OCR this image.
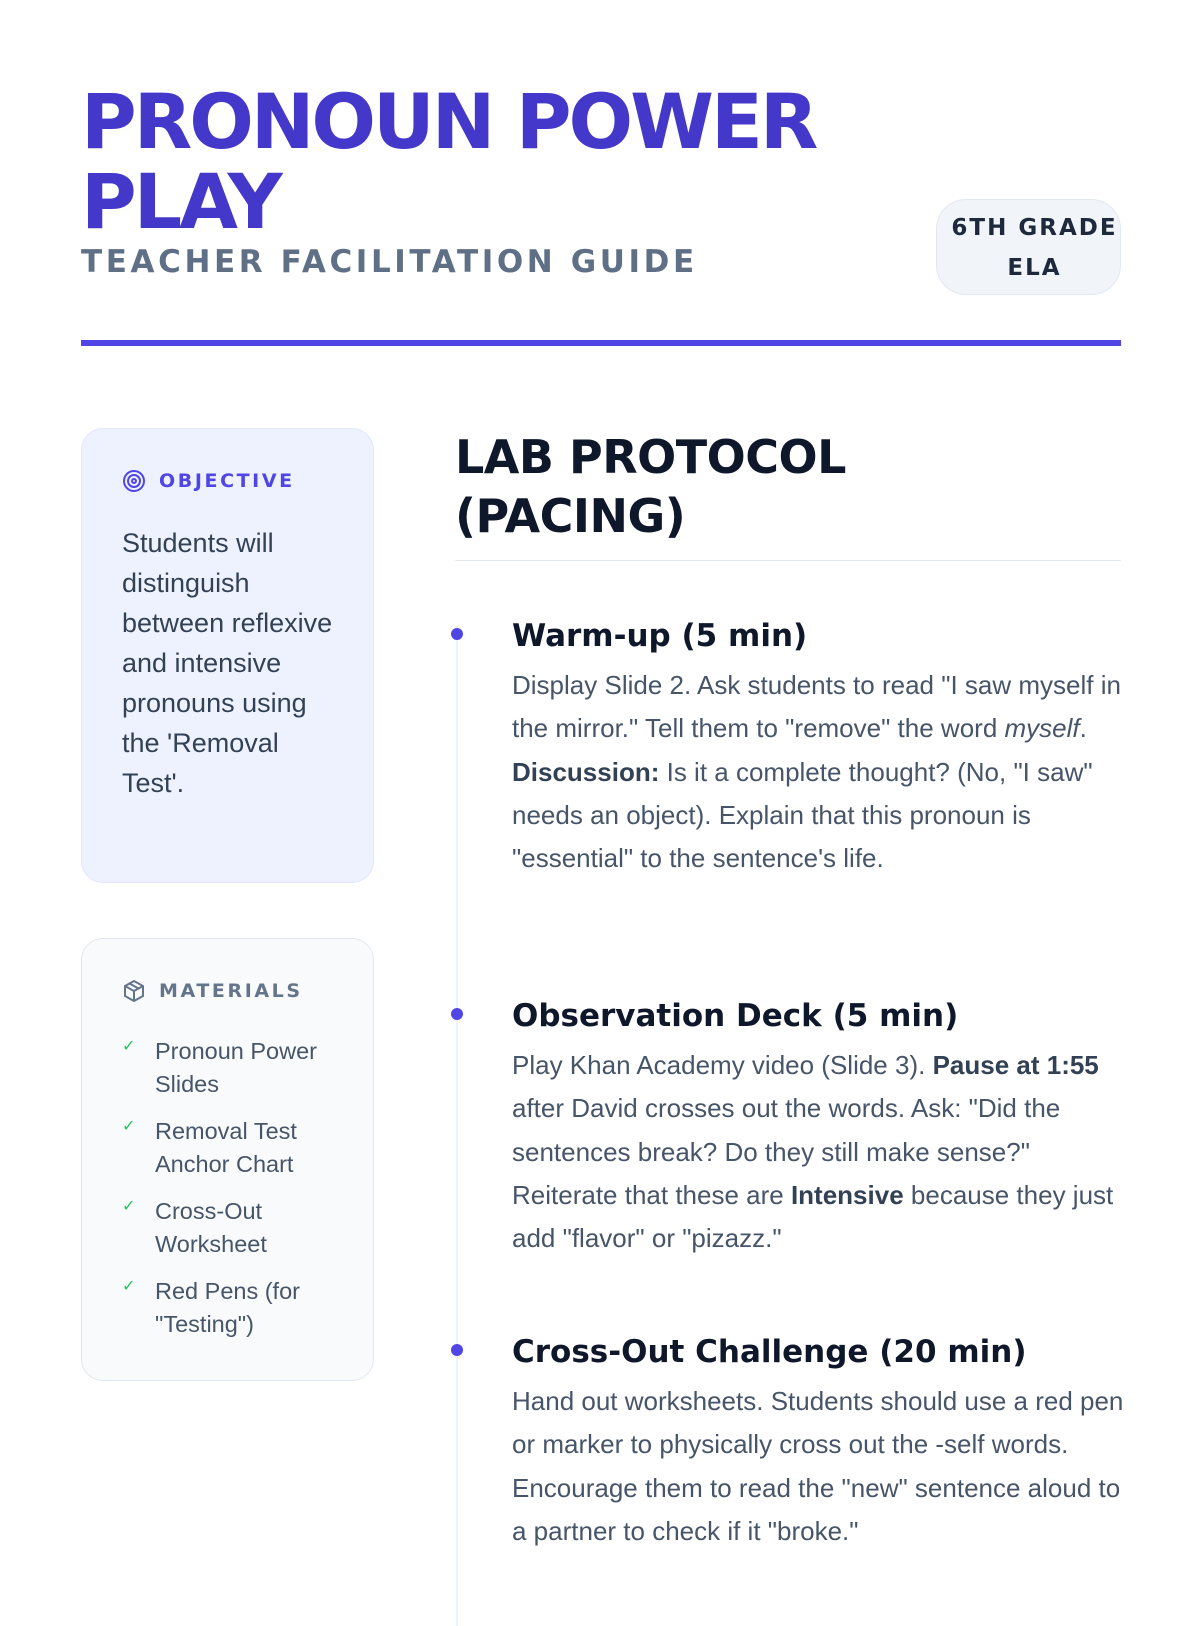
PRONOUN POWER PLAY
TEACHER FACILITATION GUIDE
6TH GRADE ELA
OBJECTIVE
Students will distinguish between reflexive and intensive pronouns using the 'Removal Test'.
MATERIALS
✓ Pronoun Power Slides
✓ Removal Test Anchor Chart
✓ Cross-Out Worksheet
✓ Red Pens (for "Testing")
LAB PROTOCOL (PACING)
Warm-up (5 min)

Display Slide 2. Ask students to read "I saw myself in the mirror." Tell them to "remove" the word myself. Discussion: Is it a complete thought? (No, "I saw" needs an object). Explain that this pronoun is "essential" to the sentence's life.

Observation Deck (5 min)

Play Khan Academy video (Slide 3). Pause at 1:55 after David crosses out the words. Ask: "Did the sentences break? Do they still make sense?" Reiterate that these are Intensive because they just add "flavor" or "pizazz."

Cross-Out Challenge (20 min)

Hand out worksheets. Students should use a red pen or marker to physically cross out the -self words. Encourage them to read the "new" sentence aloud to a partner to check if it "broke."
